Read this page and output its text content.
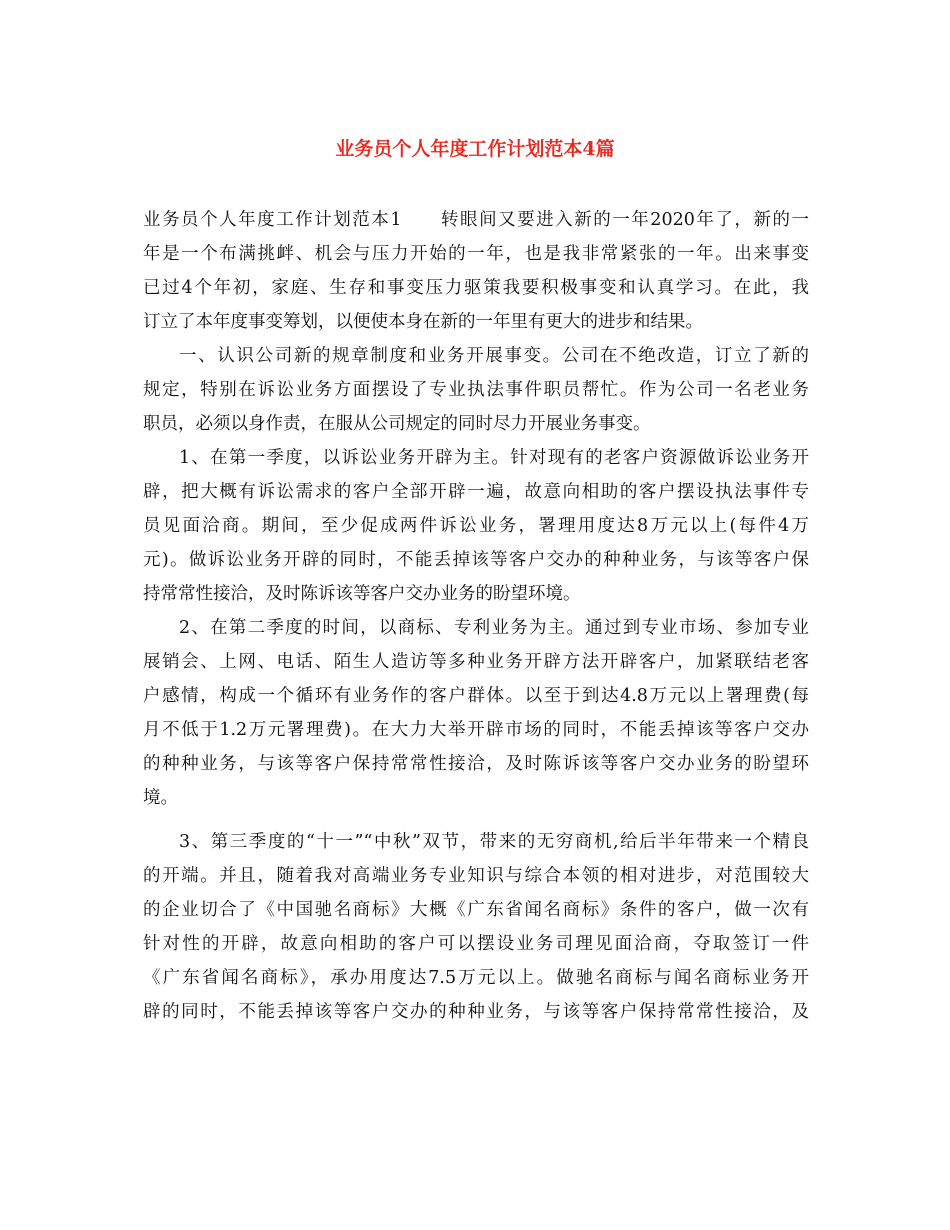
业务员个人年度工作计划范本4篇
业务员个人年度工作计划范本1　　转眼间又要进入新的一年2020年了，新的一
年是一个布满挑衅、机会与压力开始的一年，也是我非常紧张的一年。出来事变
已过4个年初，家庭、生存和事变压力驱策我要积极事变和认真学习。在此，我
订立了本年度事变筹划，以便使本身在新的一年里有更大的进步和结果。
一、认识公司新的规章制度和业务开展事变。公司在不绝改造，订立了新的
规定，特别在诉讼业务方面摆设了专业执法事件职员帮忙。作为公司一名老业务
职员，必须以身作责，在服从公司规定的同时尽力开展业务事变。
1、在第一季度，以诉讼业务开辟为主。针对现有的老客户资源做诉讼业务开
辟，把大概有诉讼需求的客户全部开辟一遍，故意向相助的客户摆设执法事件专
员见面洽商。期间，至少促成两件诉讼业务，署理用度达8万元以上(每件4万
元)。做诉讼业务开辟的同时，不能丢掉该等客户交办的种种业务，与该等客户保
持常常性接洽，及时陈诉该等客户交办业务的盼望环境。
2、在第二季度的时间，以商标、专利业务为主。通过到专业市场、参加专业
展销会、上网、电话、陌生人造访等多种业务开辟方法开辟客户，加紧联结老客
户感情，构成一个循环有业务作的客户群体。以至于到达4.8万元以上署理费(每
月不低于1.2万元署理费)。在大力大举开辟市场的同时，不能丢掉该等客户交办
的种种业务，与该等客户保持常常性接洽，及时陈诉该等客户交办业务的盼望环
境。
3、第三季度的“十一”“中秋”双节，带来的无穷商机,给后半年带来一个精良
的开端。并且，随着我对高端业务专业知识与综合本领的相对进步，对范围较大
的企业切合了《中国驰名商标》大概《广东省闻名商标》条件的客户，做一次有
针对性的开辟，故意向相助的客户可以摆设业务司理见面洽商，夺取签订一件
《广东省闻名商标》，承办用度达7.5万元以上。做驰名商标与闻名商标业务开
辟的同时，不能丢掉该等客户交办的种种业务，与该等客户保持常常性接洽，及
